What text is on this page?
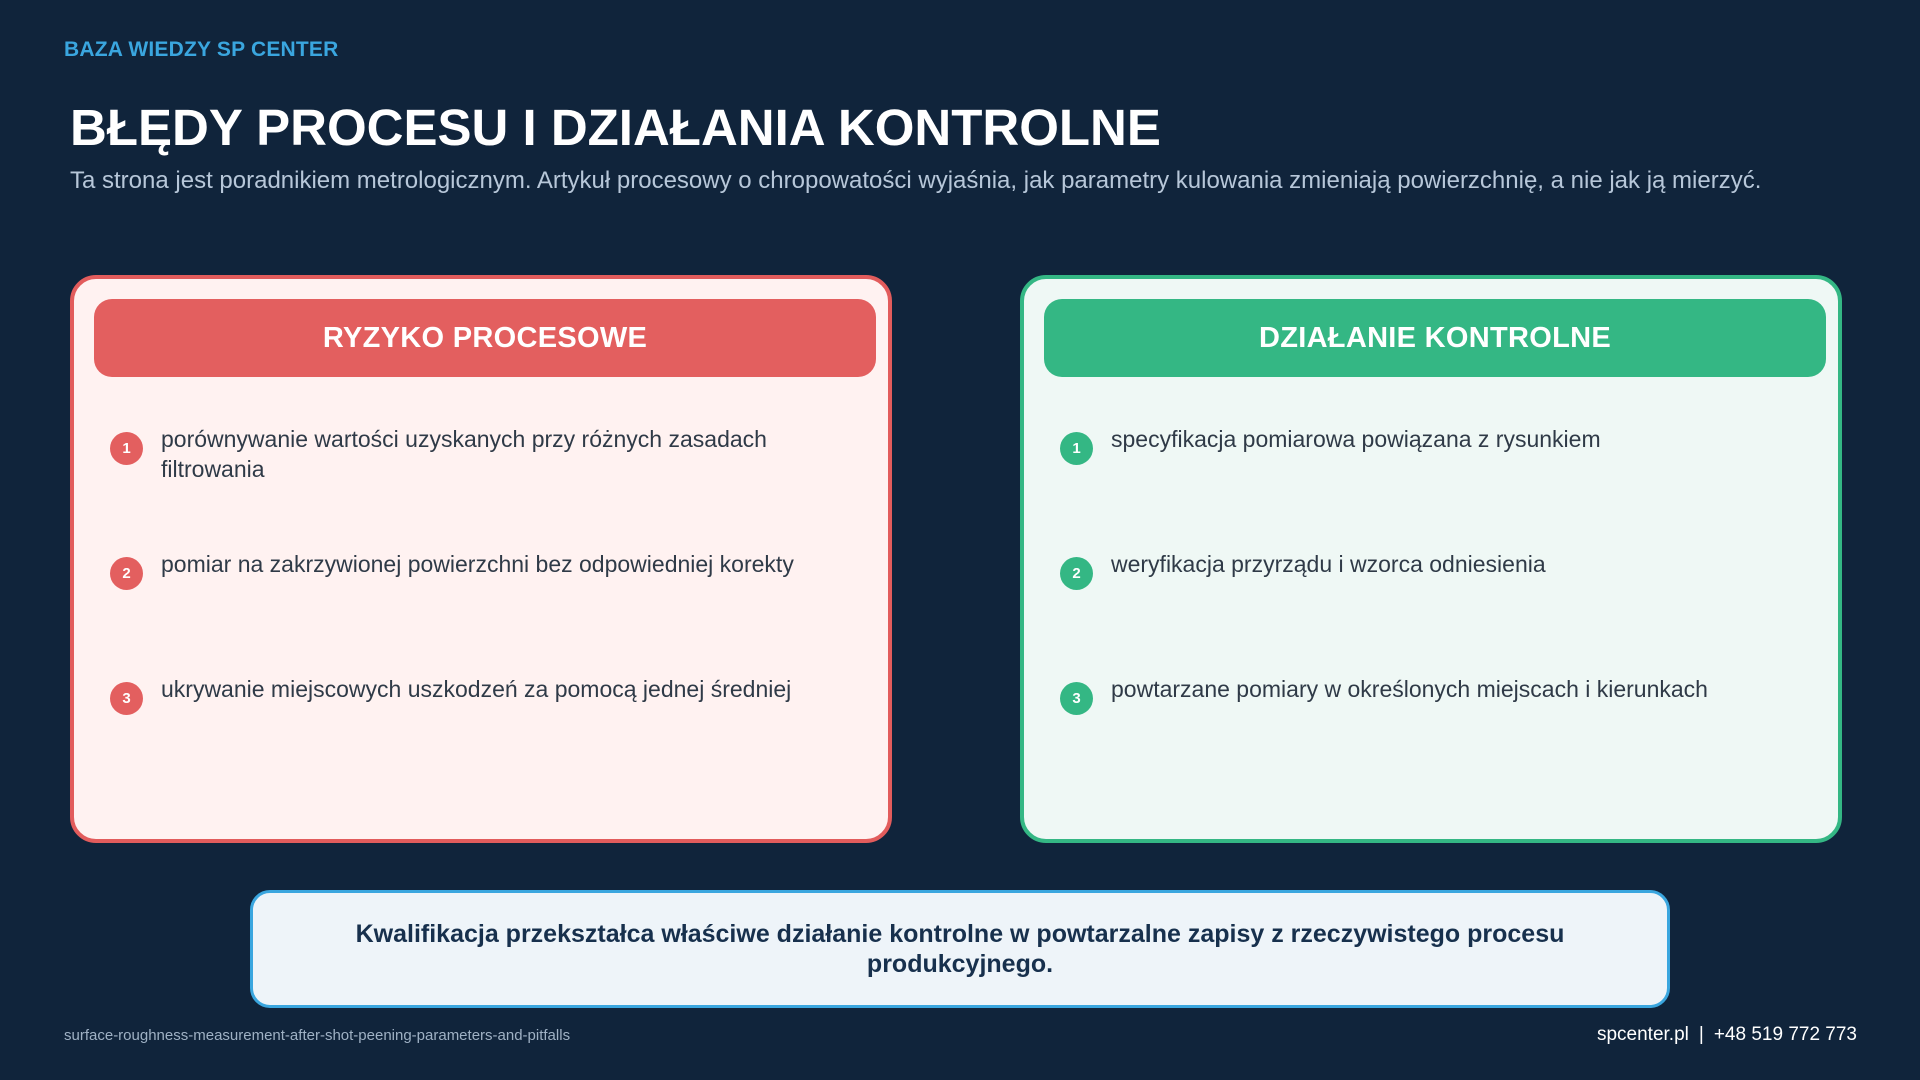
BAZA WIEDZY SP CENTER
BŁĘDY PROCESU I DZIAŁANIA KONTROLNE

Ta strona jest poradnikiem metrologicznym. Artykuł procesowy o chropowatości wyjaśnia, jak parametry kulowania zmieniają powierzchnię, a nie jak ją mierzyć.

RYZYKO PROCESOWE
1	porównywanie wartości uzyskanych przy różnych zasadach filtrowania
2	pomiar na zakrzywionej powierzchni bez odpowiedniej korekty
3	ukrywanie miejscowych uszkodzeń za pomocą jednej średniej
DZIAŁANIE KONTROLNE
1	specyfikacja pomiarowa powiązana z rysunkiem
2	weryfikacja przyrządu i wzorca odniesienia
3	powtarzane pomiary w określonych miejscach i kierunkach
Kwalifikacja przekształca właściwe działanie kontrolne w powtarzalne zapisy z rzeczywistego procesu produkcyjnego.
surface-roughness-measurement-after-shot-peening-parameters-and-pitfalls	spcenter.pl | +48 519 772 773
